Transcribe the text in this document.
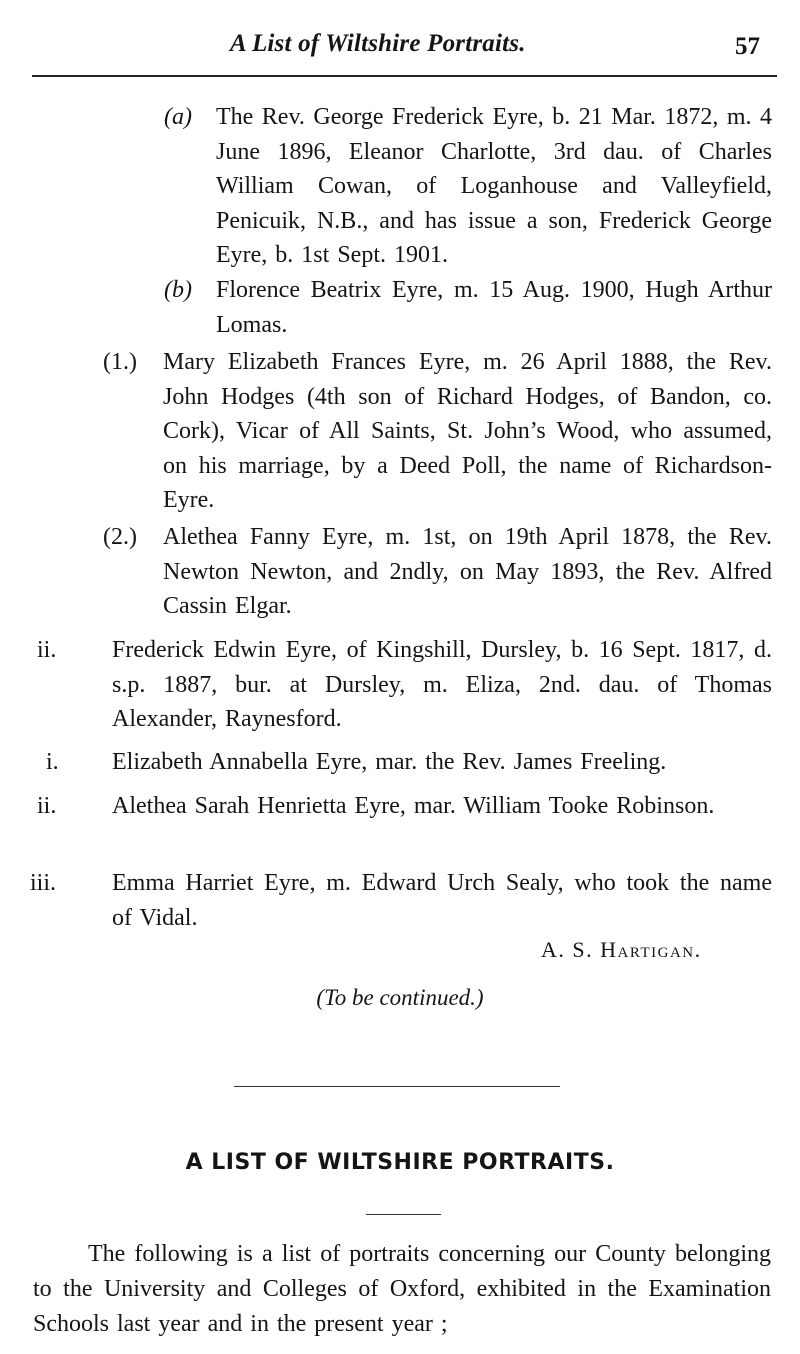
A List of Wiltshire Portraits.	57
(a) The Rev. George Frederick Eyre, b. 21 Mar. 1872, m. 4 June 1896, Eleanor Charlotte, 3rd dau. of Charles William Cowan, of Loganhouse and Valleyfield, Penicuik, N.B., and has issue a son, Frederick George Eyre, b. 1st Sept. 1901.
(b) Florence Beatrix Eyre, m. 15 Aug. 1900, Hugh Arthur Lomas.
(1.) Mary Elizabeth Frances Eyre, m. 26 April 1888, the Rev. John Hodges (4th son of Richard Hodges, of Bandon, co. Cork), Vicar of All Saints, St. John’s Wood, who assumed, on his marriage, by a Deed Poll, the name of Richardson-Eyre.
(2.) Alethea Fanny Eyre, m. 1st, on 19th April 1878, the Rev. Newton Newton, and 2ndly, on May 1893, the Rev. Alfred Cassin Elgar.
ii. Frederick Edwin Eyre, of Kingshill, Dursley, b. 16 Sept. 1817, d. s.p. 1887, bur. at Dursley, m. Eliza, 2nd. dau. of Thomas Alexander, Raynesford.
i. Elizabeth Annabella Eyre, mar. the Rev. James Freeling.
ii. Alethea Sarah Henrietta Eyre, mar. William Tooke Robinson.
iii. Emma Harriet Eyre, m. Edward Urch Sealy, who took the name of Vidal.
A. S. Hartigan.
(To be continued.)
A LIST OF WILTSHIRE PORTRAITS.
The following is a list of portraits concerning our County belonging to the University and Colleges of Oxford, exhibited in the Examination Schools last year and in the present year ;
